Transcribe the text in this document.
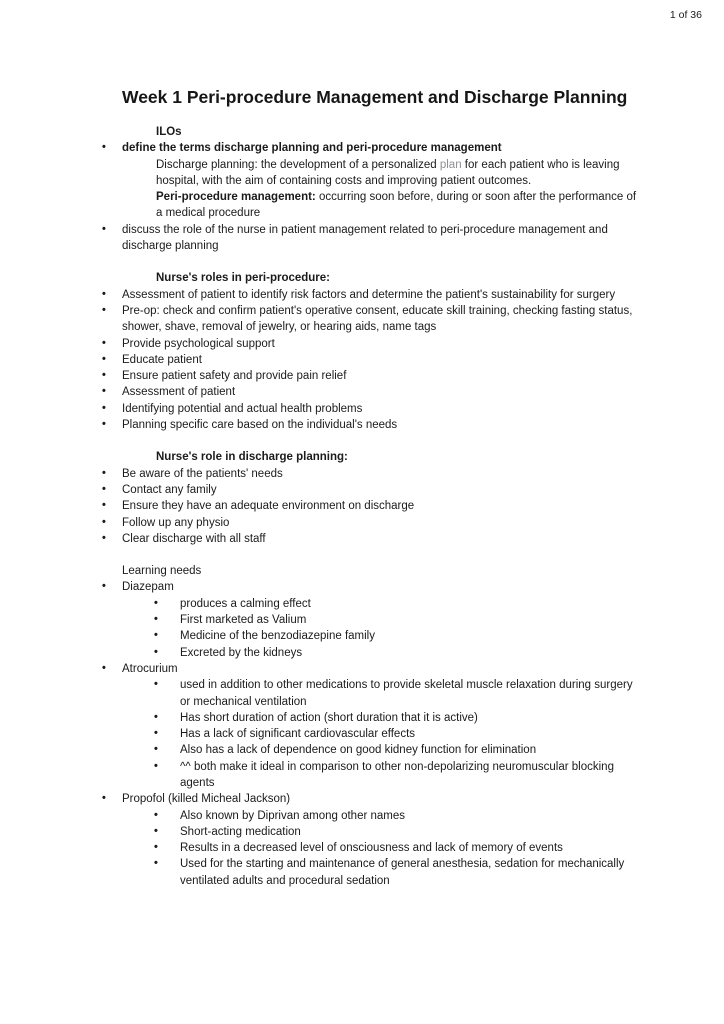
1 of 36
Week 1 Peri-procedure Management and Discharge Planning
ILOs
• define the terms discharge planning and peri-procedure management
Discharge planning: the development of a personalized plan for each patient who is leaving hospital, with the aim of containing costs and improving patient outcomes.
Peri-procedure management: occurring soon before, during or soon after the performance of a medical procedure
• discuss the role of the nurse in patient management related to peri-procedure management and discharge planning
Nurse's roles in peri-procedure:
• Assessment of patient to identify risk factors and determine the patient's sustainability for surgery
• Pre-op: check and confirm patient's operative consent, educate skill training, checking fasting status, shower, shave, removal of jewelry, or hearing aids, name tags
• Provide psychological support
• Educate patient
• Ensure patient safety and provide pain relief
• Assessment of patient
• Identifying potential and actual health problems
• Planning specific care based on the individual's needs
Nurse's role in discharge planning:
• Be aware of the patients' needs
• Contact any family
• Ensure they have an adequate environment on discharge
• Follow up any physio
• Clear discharge with all staff
Learning needs
• Diazepam
• produces a calming effect
• First marketed as Valium
• Medicine of the benzodiazepine family
• Excreted by the kidneys
• Atrocurium
• used in addition to other medications to provide skeletal muscle relaxation during surgery or mechanical ventilation
• Has short duration of action (short duration that it is active)
• Has a lack of significant cardiovascular effects
• Also has a lack of dependence on good kidney function for elimination
• ^^ both make it ideal in comparison to other non-depolarizing neuromuscular blocking agents
• Propofol (killed Micheal Jackson)
• Also known by Diprivan among other names
• Short-acting medication
• Results in a decreased level of onsciousness and lack of memory of events
• Used for the starting and maintenance of general anesthesia, sedation for mechanically ventilated adults and procedural sedation
